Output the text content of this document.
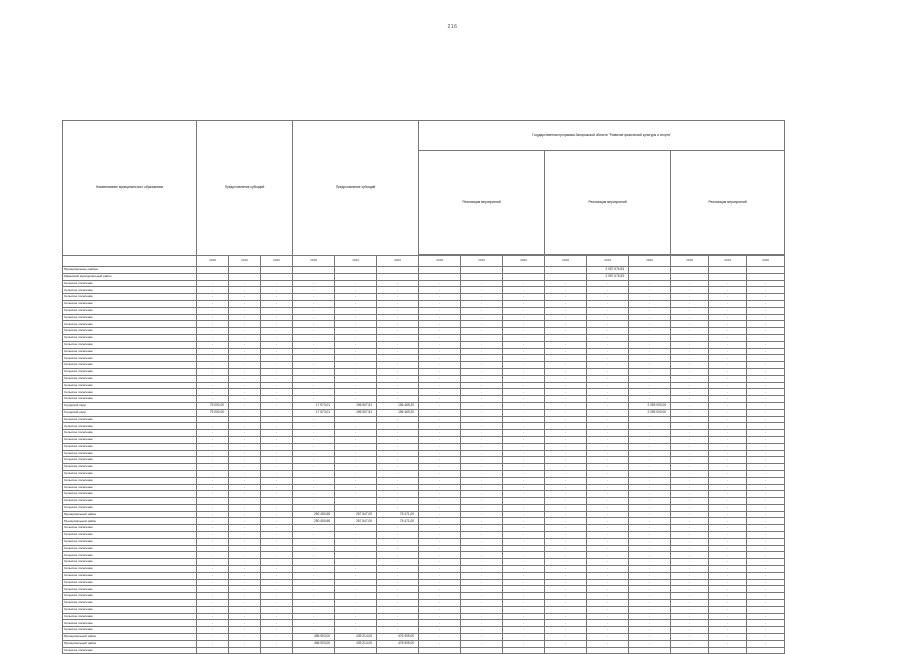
216
Наименование муниципального образования	Предоставление субсидий			Предоставление субсидий			Государственная программа Запорожской области "Развитие физической культуры и спорта"								

							Реализация мероприятий			Реализация мероприятий			Реализация мероприятий		

	2018	2019	2020	2018	2019	2020	2018	2019	2020	2018	2019	2020	2018	2019	2020
Муниципальные районы											2 057 676,53				
Каменский муниципальный район											2 057 676,53				
Сельское поселение	-	-	-	-	-	-	-	-	-	-	-	-	-	-	-
Сельское поселение	-	-	-	-	-	-	-	-	-	-	-	-	-	-	-
Сельское поселение	-	-	-	-	-	-	-	-	-	-	-	-	-	-	-
Сельское поселение	-	-	-	-	-	-	-	-	-	-	-	-	-	-	-
Сельское поселение	-	-	-	-	-	-	-	-	-	-	-	-	-	-	-
Сельское поселение	-	-	-	-	-	-	-	-	-	-	-	-	-	-	-
Сельское поселение	-	-	-	-	-	-	-	-	-	-	-	-	-	-	-
Сельское поселение	-	-	-	-	-	-	-	-	-	-	-	-	-	-	-
Сельское поселение	-	-	-	-	-	-	-	-	-	-	-	-	-	-	-
Сельское поселение	-	-	-	-	-	-	-	-	-	-	-	-	-	-	-
Сельское поселение	-	-	-	-	-	-	-	-	-	-	-	-	-	-	-
Сельское поселение	-	-	-	-	-	-	-	-	-	-	-	-	-	-	-
Сельское поселение	-	-	-	-	-	-	-	-	-	-	-	-	-	-	-
Сельское поселение	-	-	-	-	-	-	-	-	-	-	-	-	-	-	-
Сельское поселение	-	-	-	-	-	-	-	-	-	-	-	-	-	-	-
Сельское поселение	-	-	-	-	-	-	-	-	-	-	-	-	-	-	-
Сельское поселение	-	-	-	-	-	-	-	-	-	-	-	-	-	-	-
Сельское поселение	-	-	-	-	-	-	-	-	-	-	-	-	-	-	-
Городской округ	75 000,00	-	-	17 573,01	196 507,51	196 469,20	-	-	-	-	-	2 059 000,00	-	-	-
Городской округ	75 000,00	-	-	17 573,01	196 507,51	196 469,20	-	-	-	-	-	2 059 000,00	-	-	-
Сельское поселение	-	-	-	-	-	-	-	-	-	-	-	-	-	-	-
Сельское поселение	-	-	-	-	-	-	-	-	-	-	-	-	-	-	-
Сельское поселение	-	-	-	-	-	-	-	-	-	-	-	-	-	-	-
Сельское поселение	-	-	-	-	-	-	-	-	-	-	-	-	-	-	-
Сельское поселение	-	-	-	-	-	-	-	-	-	-	-	-	-	-	-
Сельское поселение	-	-	-	-	-	-	-	-	-	-	-	-	-	-	-
Сельское поселение	-	-	-	-	-	-	-	-	-	-	-	-	-	-	-
Сельское поселение	-	-	-	-	-	-	-	-	-	-	-	-	-	-	-
Сельское поселение	-	-	-	-	-	-	-	-	-	-	-	-	-	-	-
Сельское поселение	-	-	-	-	-	-	-	-	-	-	-	-	-	-	-
Сельское поселение	-	-	-	-	-	-	-	-	-	-	-	-	-	-	-
Сельское поселение	-	-	-	-	-	-	-	-	-	-	-	-	-	-	-
Сельское поселение	-	-	-	-	-	-	-	-	-	-	-	-	-	-	-
Сельское поселение	-	-	-	-	-	-	-	-	-	-	-	-	-	-	-
Муниципальный район	-	-	-	250 450,68	267 547,00	75 471,00	-	-	-	-	-	-	-	-	-
Муниципальный район	-	-	-	250 450,68	267 547,00	75 471,00	-	-	-	-	-	-	-	-	-
Сельское поселение	-	-	-	-	-	-	-	-	-	-	-	-	-	-	-
Сельское поселение	-	-	-	-	-	-	-	-	-	-	-	-	-	-	-
Сельское поселение	-	-	-	-	-	-	-	-	-	-	-	-	-	-	-
Сельское поселение	-	-	-	-	-	-	-	-	-	-	-	-	-	-	-
Сельское поселение	-	-	-	-	-	-	-	-	-	-	-	-	-	-	-
Сельское поселение	-	-	-	-	-	-	-	-	-	-	-	-	-	-	-
Сельское поселение	-	-	-	-	-	-	-	-	-	-	-	-	-	-	-
Сельское поселение	-	-	-	-	-	-	-	-	-	-	-	-	-	-	-
Сельское поселение	-	-	-	-	-	-	-	-	-	-	-	-	-	-	-
Сельское поселение	-	-	-	-	-	-	-	-	-	-	-	-	-	-	-
Сельское поселение	-	-	-	-	-	-	-	-	-	-	-	-	-	-	-
Сельское поселение	-	-	-	-	-	-	-	-	-	-	-	-	-	-	-
Сельское поселение	-	-	-	-	-	-	-	-	-	-	-	-	-	-	-
Сельское поселение	-	-	-	-	-	-	-	-	-	-	-	-	-	-	-
Сельское поселение	-	-	-	-	-	-	-	-	-	-	-	-	-	-	-
Сельское поселение	-	-	-	-	-	-	-	-	-	-	-	-	-	-	-
Муниципальный район	-	-	-	456 903,00	439 214,00	476 909,00	-	-	-	-	-	-	-	-	-
Муниципальный район	-	-	-	456 903,00	439 214,00	476 909,00	-	-	-	-	-	-	-	-	-
Сельское поселение															
